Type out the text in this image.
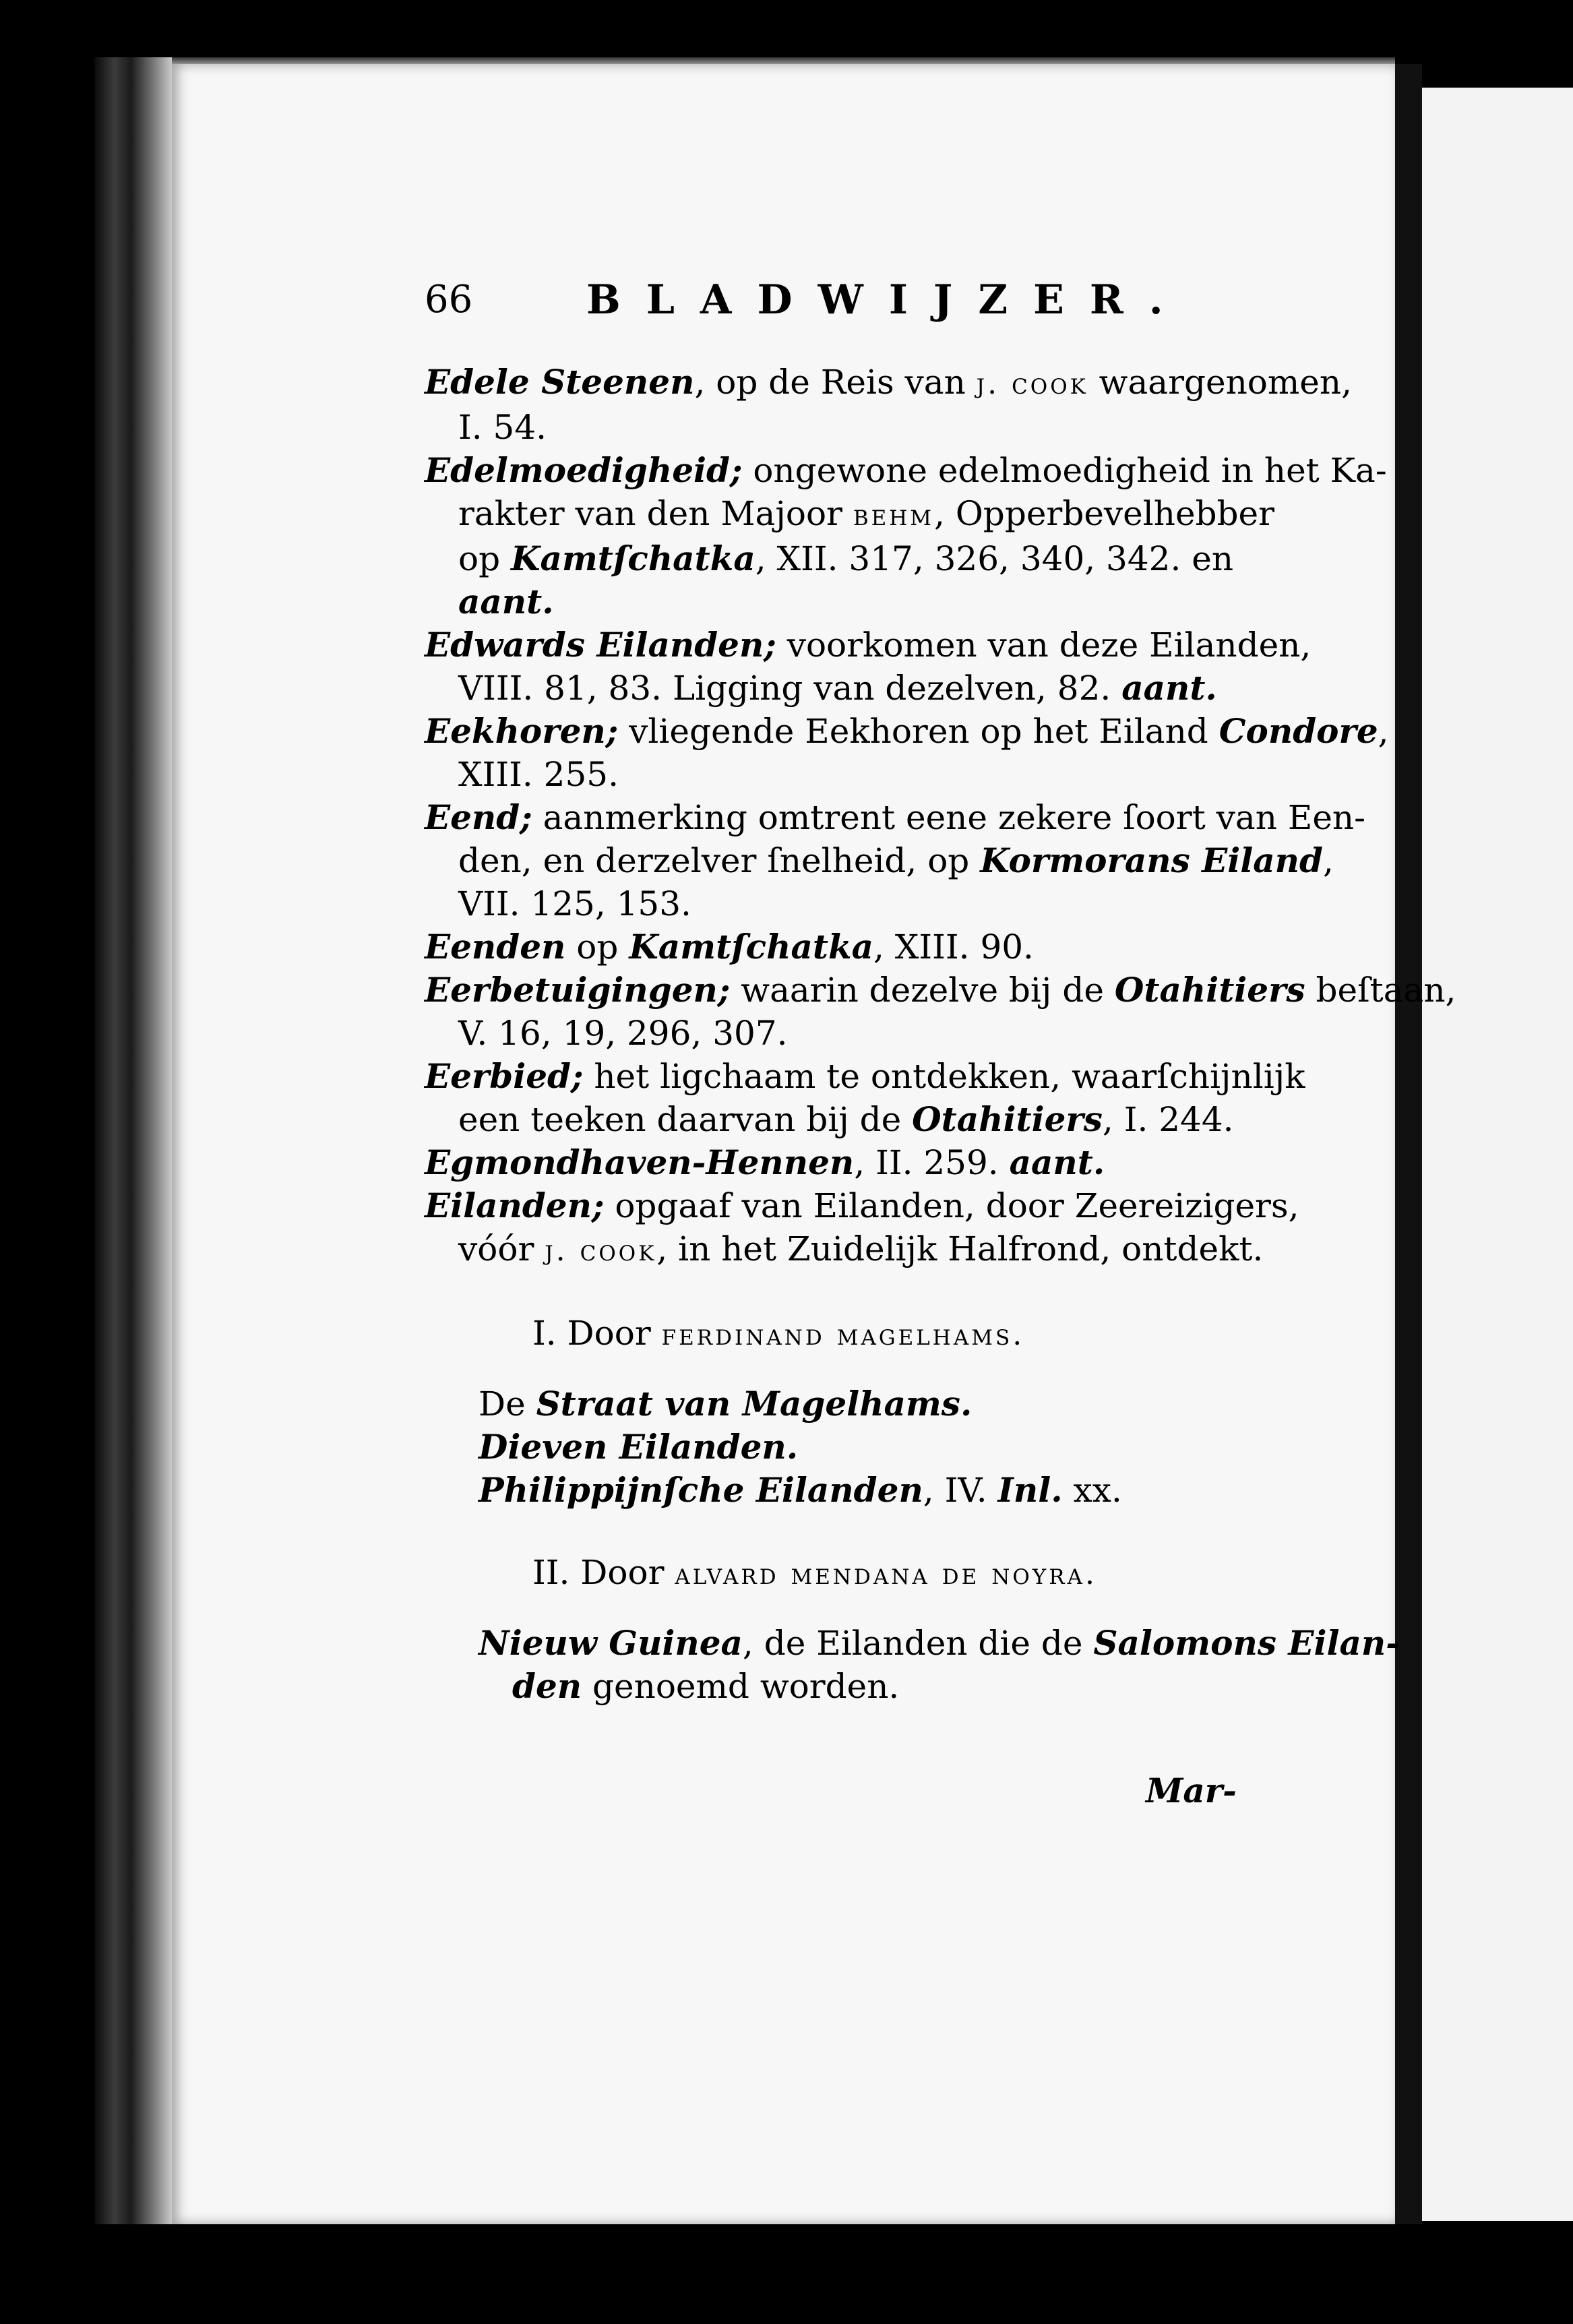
66	BLADWIJZER.
Edele Steenen, op de Reis van j. cook waargenomen,
I. 54.
Edelmoedigheid; ongewone edelmoedigheid in het Ka-
rakter van den Majoor behm, Opperbevelhebber
op Kamtſchatka, XII. 317, 326, 340, 342. en
aant.
Edwards Eilanden; voorkomen van deze Eilanden,
VIII. 81, 83. Ligging van dezelven, 82. aant.
Eekhoren; vliegende Eekhoren op het Eiland Condore,
XIII. 255.
Eend; aanmerking omtrent eene zekere ſoort van Een-
den, en derzelver ſnelheid, op Kormorans Eiland,
VII. 125, 153.
Eenden op Kamtſchatka, XIII. 90.
Eerbetuigingen; waarin dezelve bij de Otahitiers beſtaan,
V. 16, 19, 296, 307.
Eerbied; het ligchaam te ontdekken, waarſchijnlijk
een teeken daarvan bij de Otahitiers, I. 244.
Egmondhaven-Hennen, II. 259. aant.
Eilanden; opgaaf van Eilanden, door Zeereizigers,
vóór j. cook, in het Zuidelijk Halfrond, ontdekt.
I. Door ferdinand magelhams.
De Straat van Magelhams.
Dieven Eilanden.
Philippijnſche Eilanden, IV. Inl. xx.
II. Door alvard mendana de noyra.
Nieuw Guinea, de Eilanden die de Salomons Eilan-
den genoemd worden.
Mar-
